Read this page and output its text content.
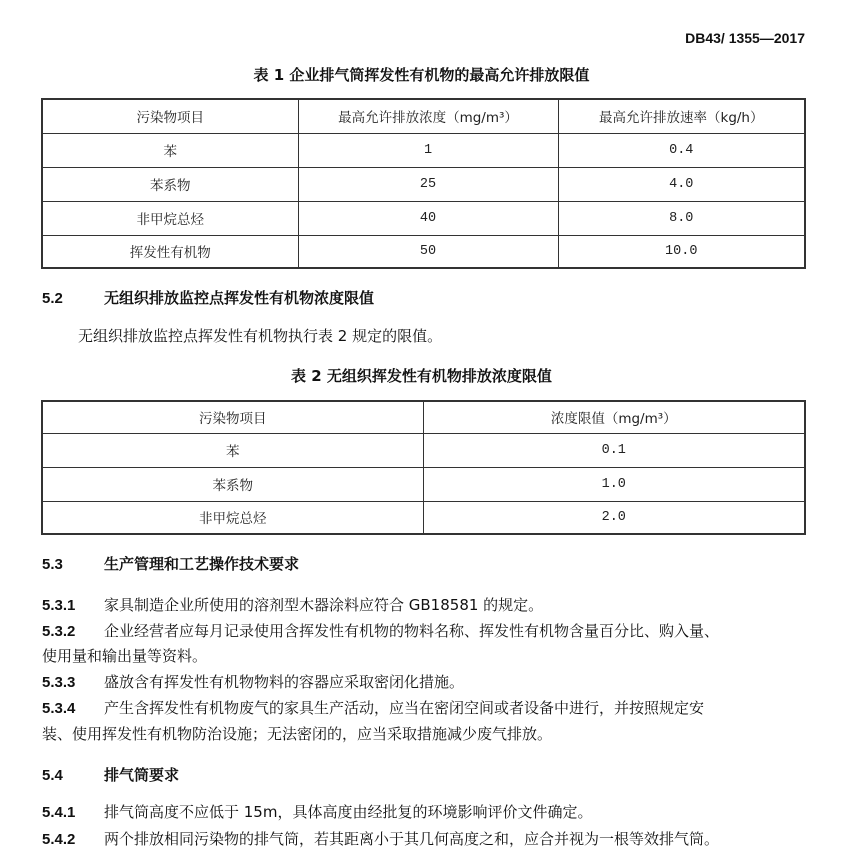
DB43/ 1355—2017
表 1 企业排气筒挥发性有机物的最高允许排放限值
污染物项目	最高允许排放浓度（mg/m³）	最高允许排放速率（kg/h）
苯	1	0.4
苯系物	25	4.0
非甲烷总烃	40	8.0
挥发性有机物	50	10.0
5.2	无组织排放监控点挥发性有机物浓度限值
无组织排放监控点挥发性有机物执行表 2 规定的限值。
表 2 无组织挥发性有机物排放浓度限值
污染物项目	浓度限值（mg/m³）
苯	0.1
苯系物	1.0
非甲烷总烃	2.0
5.3	生产管理和工艺操作技术要求
5.3.1 家具制造企业所使用的溶剂型木器涂料应符合 GB18581 的规定。
5.3.2 企业经营者应每月记录使用含挥发性有机物的物料名称、挥发性有机物含量百分比、购入量、
使用量和输出量等资料。
5.3.3 盛放含有挥发性有机物物料的容器应采取密闭化措施。
5.3.4 产生含挥发性有机物废气的家具生产活动，应当在密闭空间或者设备中进行，并按照规定安
装、使用挥发性有机物防治设施；无法密闭的，应当采取措施减少废气排放。
5.4	排气筒要求
5.4.1 排气筒高度不应低于 15m，具体高度由经批复的环境影响评价文件确定。
5.4.2 两个排放相同污染物的排气筒，若其距离小于其几何高度之和，应合并视为一根等效排气筒。
